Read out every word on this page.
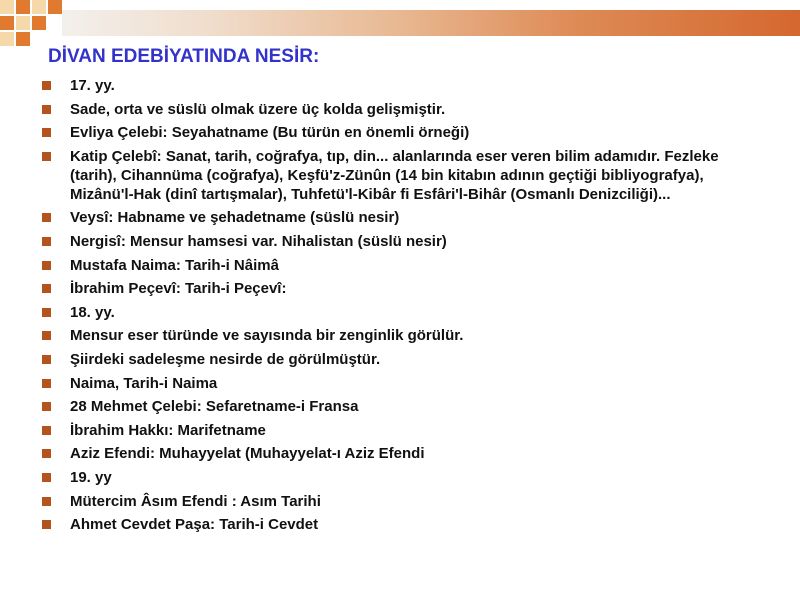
DİVAN EDEBİYATINDA NESİR:
17. yy.
Sade, orta ve süslü olmak üzere üç kolda gelişmiştir.
Evliya Çelebi: Seyahatname (Bu türün en önemli örneği)
Katip Çelebî: Sanat, tarih, coğrafya, tıp, din... alanlarında eser veren bilim adamıdır. Fezleke (tarih), Cihannüma (coğrafya), Keşfü'z-Zünûn (14 bin kitabın adının geçtiği bibliyografya), Mizânü'l-Hak (dinî tartışmalar), Tuhfetü'l-Kibâr fi Esfâri'l-Bihâr (Osmanlı Denizciliği)...
Veysî: Habname ve şehadetname (süslü nesir)
Nergisî: Mensur hamsesi var. Nihalistan (süslü nesir)
Mustafa Naima: Tarih-i Nâimâ
İbrahim Peçevî: Tarih-i Peçevî:
18. yy.
Mensur eser türünde ve sayısında bir zenginlik görülür.
Şiirdeki sadeleşme nesirde de görülmüştür.
Naima, Tarih-i Naima
28 Mehmet Çelebi: Sefaretname-i Fransa
İbrahim Hakkı: Marifetname
Aziz Efendi: Muhayyelat (Muhayyelat-ı Aziz Efendi
19. yy
Mütercim Âsım Efendi : Asım Tarihi
Ahmet Cevdet Paşa: Tarih-i Cevdet
